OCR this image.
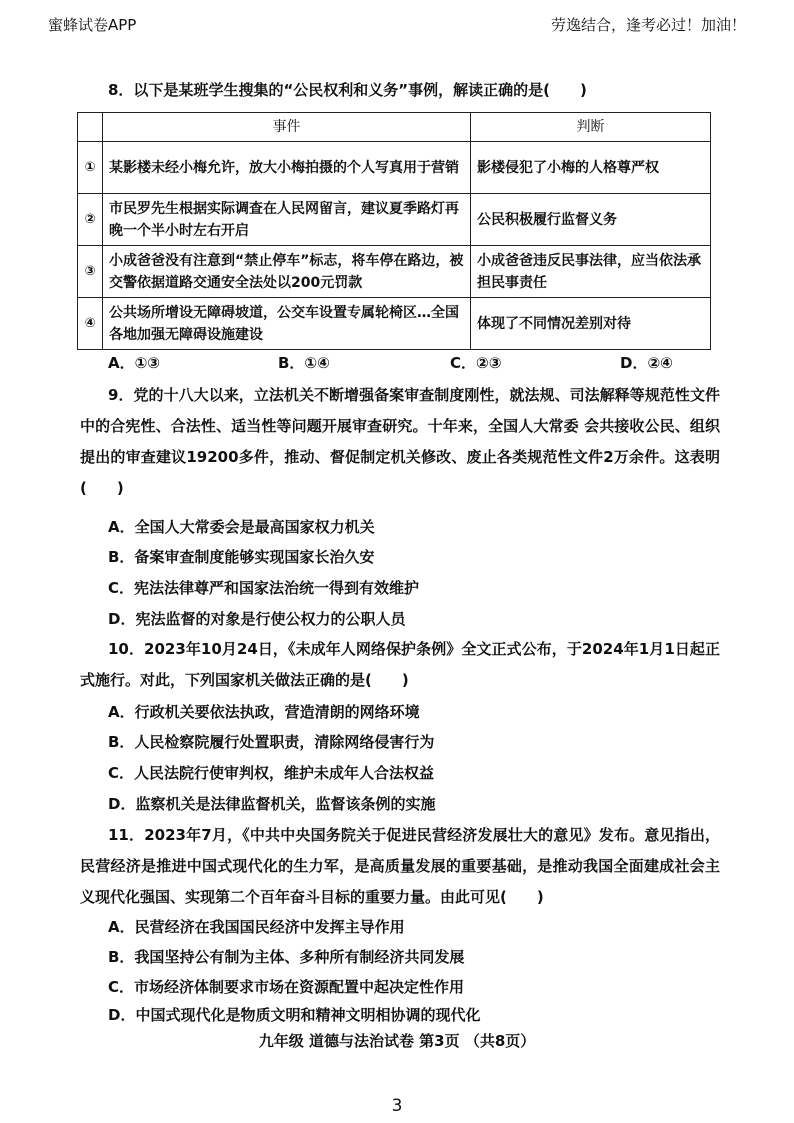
蜜蜂试卷APP	劳逸结合，逢考必过！加油！
8．以下是某班学生搜集的“公民权利和义务”事例，解读正确的是(　　)
	事件	判断
①	某影楼未经小梅允许，放大小梅拍摄的个人写真用于营销	影楼侵犯了小梅的人格尊严权
②	市民罗先生根据实际调查在人民网留言，建议夏季路灯再晚一个半小时左右开启	公民积极履行监督义务
③	小成爸爸没有注意到“禁止停车”标志，将车停在路边，被交警依据道路交通安全法处以200元罚款	小成爸爸违反民事法律，应当依法承担民事责任
④	公共场所增设无障碍坡道，公交车设置专属轮椅区…全国各地加强无障碍设施建设	体现了不同情况差别对待
A．①③	B．①④	C．②③	D．②④
9．党的十八大以来，立法机关不断增强备案审查制度刚性，就法规、司法解释等规范性文件中的合宪性、合法性、适当性等问题开展审查研究。十年来，全国人大常委 会共接收公民、组织提出的审查建议19200多件，推动、督促制定机关修改、废止各类规范性文件2万余件。这表明(　　)
A．全国人大常委会是最高国家权力机关
B．备案审查制度能够实现国家长治久安
C．宪法法律尊严和国家法治统一得到有效维护
D．宪法监督的对象是行使公权力的公职人员
10．2023年10月24日，《未成年人网络保护条例》全文正式公布，于2024年1月1日起正式施行。对此，下列国家机关做法正确的是(　　)
A．行政机关要依法执政，营造清朗的网络环境
B．人民检察院履行处置职责，清除网络侵害行为
C．人民法院行使审判权，维护未成年人合法权益
D．监察机关是法律监督机关，监督该条例的实施
11．2023年7月，《中共中央国务院关于促进民营经济发展壮大的意见》发布。意见指出，民营经济是推进中国式现代化的生力军，是高质量发展的重要基础，是推动我国全面建成社会主义现代化强国、实现第二个百年奋斗目标的重要力量。由此可见(　　)
A．民营经济在我国国民经济中发挥主导作用
B．我国坚持公有制为主体、多种所有制经济共同发展
C．市场经济体制要求市场在资源配置中起决定性作用
D．中国式现代化是物质文明和精神文明相协调的现代化
九年级 道德与法治试卷 第3页 （共8页）
3
